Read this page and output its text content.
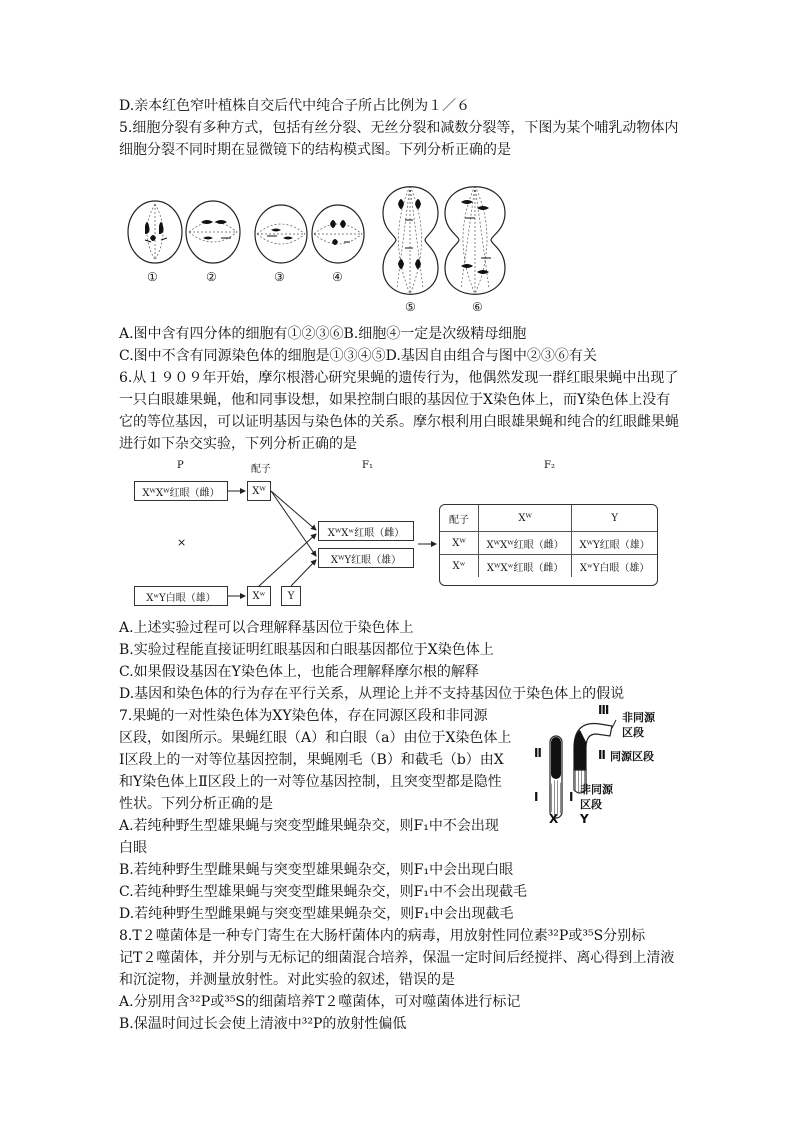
D.亲本红色窄叶植株自交后代中纯合子所占比例为１／６
5.细胞分裂有多种方式，包括有丝分裂、无丝分裂和减数分裂等，下图为某个哺乳动物体内
细胞分裂不同时期在显微镜下的结构模式图。下列分析正确的是
①	②	③	④
⑤	⑥
A.图中含有四分体的细胞有①②③⑥B.细胞④一定是次级精母细胞
C.图中不含有同源染色体的细胞是①③④⑤D.基因自由组合与图中②③⑥有关
6.从１９０９年开始，摩尔根潜心研究果蝇的遗传行为，他偶然发现一群红眼果蝇中出现了
一只白眼雄果蝇，他和同事设想，如果控制白眼的基因位于X染色体上，而Y染色体上没有
它的等位基因，可以证明基因与染色体的关系。摩尔根利用白眼雄果蝇和纯合的红眼雌果蝇
进行如下杂交实验，下列分析正确的是
P	配子	F₁	F₂
XᵂXᵂ红眼（雌）	Xᵂ
×
XʷY白眼（雄）	Xʷ	Y
XᵂXʷ红眼（雌）
XᵂY红眼（雄）
配子	Xᵂ	Y
Xᵂ	XᵂXᵂ红眼（雌）	XᵂY红眼（雄）
Xʷ	XᵂXʷ红眼（雌）	XʷY白眼（雄）
A.上述实验过程可以合理解释基因位于染色体上
B.实验过程能直接证明红眼基因和白眼基因都位于X染色体上
C.如果假设基因在Y染色体上，也能合理解释摩尔根的解释
D.基因和染色体的行为存在平行关系，从理论上并不支持基因位于染色体上的假说
7.果蝇的一对性染色体为XY染色体，存在同源区段和非同源
区段，如图所示。果蝇红眼（A）和白眼（a）由位于X染色体上
Ⅰ区段上的一对等位基因控制，果蝇刚毛（B）和截毛（b）由X
和Y染色体上Ⅱ区段上的一对等位基因控制，且突变型都是隐性
性状。下列分析正确的是
A.若纯种野生型雄果蝇与突变型雌果蝇杂交，则F₁中不会出现
白眼
B.若纯种野生型雌果蝇与突变型雄果蝇杂交，则F₁中会出现白眼
C.若纯种野生型雄果蝇与突变型雌果蝇杂交，则F₁中不会出现截毛
D.若纯种野生型雌果蝇与突变型雄果蝇杂交，则F₁中会出现截毛
Ⅲ
非同源
区段
Ⅱ	Ⅱ 同源区段
Ⅰ	Ⅰ
非同源
区段
X Y
8.T２噬菌体是一种专门寄生在大肠杆菌体内的病毒，用放射性同位素³²P或³⁵S分别标
记T２噬菌体，并分别与无标记的细菌混合培养，保温一定时间后经搅拌、离心得到上清液
和沉淀物，并测量放射性。对此实验的叙述，错误的是
A.分别用含³²P或³⁵S的细菌培养T２噬菌体，可对噬菌体进行标记
B.保温时间过长会使上清液中³²P的放射性偏低
